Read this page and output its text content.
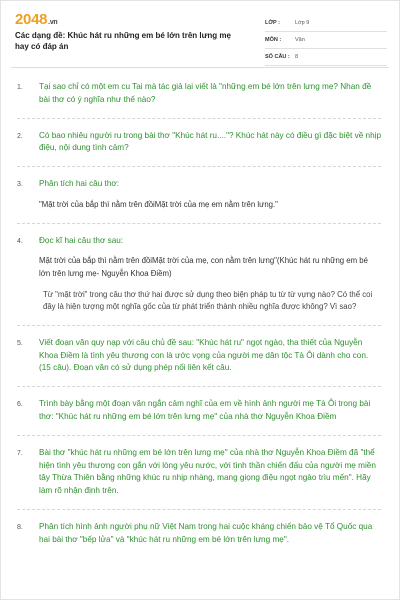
2048.vn
Các dạng đề: Khúc hát ru những em bé lớn trên lưng mẹ hay có đáp án
LỚP :	Lớp 9
MÔN :	Văn
SỐ CÂU : 8
1.	Tại sao chỉ có một em cu Tai mà tác giả lại viết là "những em bé lớn trên lưng mẹ? Nhan đề bài thơ có ý nghĩa như thế nào?
2.	Có bao nhiêu người ru trong bài thơ "Khúc hát ru...."? Khúc hát này có điều gì đặc biệt về nhịp điệu, nội dung tình cảm?
3.	Phân tích hai câu thơ:
"Mặt trời của bắp thì nằm trên đồiMặt trời của mẹ em nằm trên lưng."
4.	Đọc kĩ hai câu thơ sau:
Mặt trời của bắp thì nằm trên đồiMặt trời của mẹ, con nằm trên lưng"(Khúc hát ru những em bé lớn trên lưng mẹ- Nguyễn Khoa Điềm)
Từ "mặt trời" trong câu thơ thứ hai được sử dụng theo biện pháp tu từ từ vựng nào? Có thể coi đây là hiện tượng một nghĩa gốc của từ phát triển thành nhiều nghĩa được không? Vì sao?
5.	Viết đoạn văn quy nạp với câu chủ đề sau: "Khúc hát ru" ngọt ngào, tha thiết của Nguyễn Khoa Điềm là tình yêu thương con là ước vọng của người mẹ dân tộc Tà Ôi dành cho con. (15 câu). Đoạn văn có sử dụng phép nối liên kết câu.
6.	Trình bày bằng một đoạn văn ngắn cảm nghĩ của em về hình ảnh người mẹ Tà Ôi trong bài thơ: "Khúc hát ru những em bé lớn trên lưng mẹ" của nhà thơ Nguyễn Khoa Điềm
7.	Bài thơ "khúc hát ru những em bé lớn trên lưng mẹ" của nhà thơ Nguyễn Khoa Điềm đã "thể hiện tình yêu thương con gắn với lòng yêu nước, với tình thần chiến đấu của người mẹ miền tây Thừa Thiên bằng những khúc ru nhịp nhàng, mang giọng điệu ngọt ngào trìu mến". Hãy làm rõ nhận định trên.
8.	Phân tích hình ảnh người phụ nữ Việt Nam trong hai cuộc kháng chiến bảo vệ Tổ Quốc qua hai bài thơ "bếp lửa" và "khúc hát ru những em bé lớn trên lưng mẹ".
